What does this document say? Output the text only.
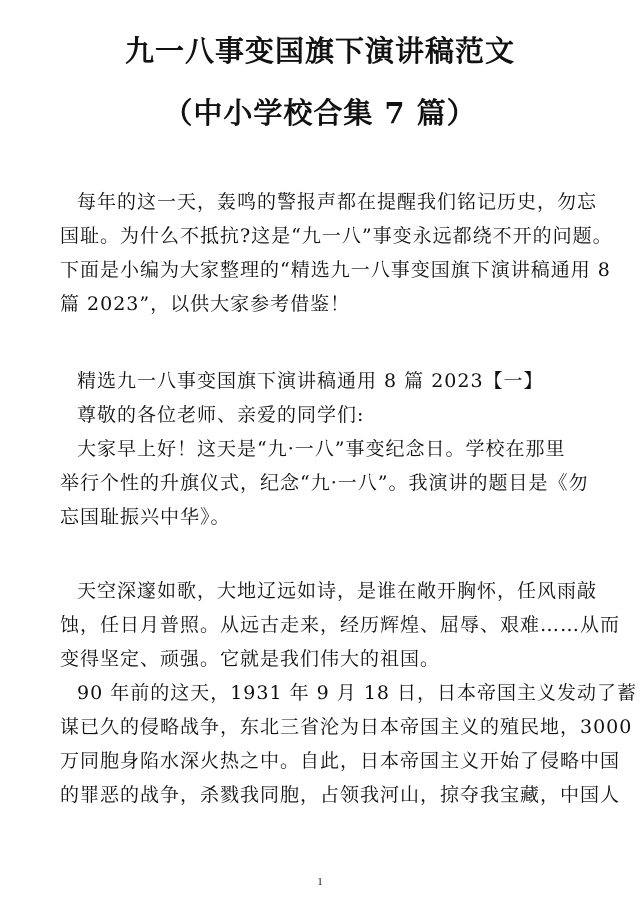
九一八事变国旗下演讲稿范文
（中小学校合集 7 篇）
每年的这一天，轰鸣的警报声都在提醒我们铭记历史，勿忘
国耻。为什么不抵抗?这是“九一八”事变永远都绕不开的问题。
下面是小编为大家整理的“精选九一八事变国旗下演讲稿通用 8
篇 2023”，以供大家参考借鉴！
精选九一八事变国旗下演讲稿通用 8 篇 2023【一】
尊敬的各位老师、亲爱的同学们:
大家早上好！这天是“九·一八”事变纪念日。学校在那里
举行个性的升旗仪式，纪念“九·一八”。我演讲的题目是《勿
忘国耻振兴中华》。
天空深邃如歌，大地辽远如诗，是谁在敞开胸怀，任风雨敲
蚀，任日月普照。从远古走来，经历辉煌、屈辱、艰难……从而
变得坚定、顽强。它就是我们伟大的祖国。
90 年前的这天，1931 年 9 月 18 日，日本帝国主义发动了蓄
谋已久的侵略战争，东北三省沦为日本帝国主义的殖民地，3000
万同胞身陷水深火热之中。自此，日本帝国主义开始了侵略中国
的罪恶的战争，杀戮我同胞，占领我河山，掠夺我宝藏，中国人
1
